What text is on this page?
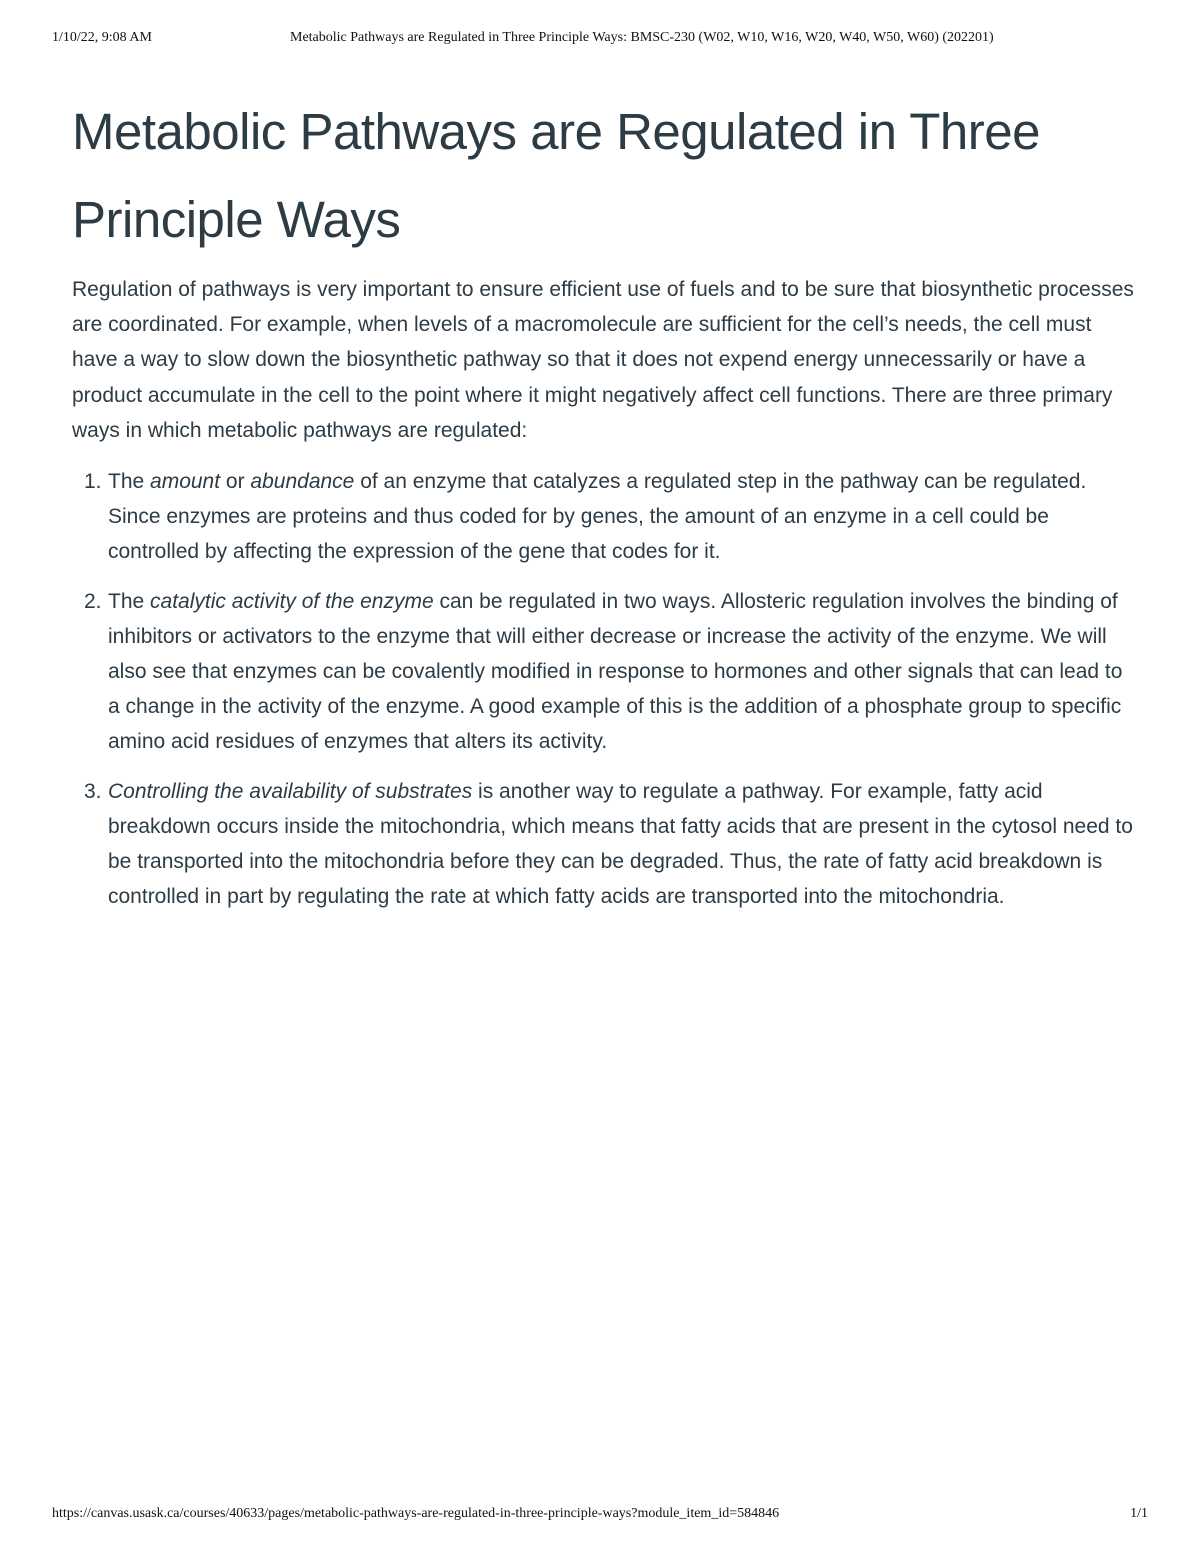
1/10/22, 9:08 AM	Metabolic Pathways are Regulated in Three Principle Ways: BMSC-230 (W02, W10, W16, W20, W40, W50, W60) (202201)
Metabolic Pathways are Regulated in Three Principle Ways

Regulation of pathways is very important to ensure efficient use of fuels and to be sure that biosynthetic processes are coordinated. For example, when levels of a macromolecule are sufficient for the cell’s needs, the cell must have a way to slow down the biosynthetic pathway so that it does not expend energy unnecessarily or have a product accumulate in the cell to the point where it might negatively affect cell functions. There are three primary ways in which metabolic pathways are regulated:

1. The amount or abundance of an enzyme that catalyzes a regulated step in the pathway can be regulated. Since enzymes are proteins and thus coded for by genes, the amount of an enzyme in a cell could be controlled by affecting the expression of the gene that codes for it.
2. The catalytic activity of the enzyme can be regulated in two ways. Allosteric regulation involves the binding of inhibitors or activators to the enzyme that will either decrease or increase the activity of the enzyme. We will also see that enzymes can be covalently modified in response to hormones and other signals that can lead to a change in the activity of the enzyme. A good example of this is the addition of a phosphate group to specific amino acid residues of enzymes that alters its activity.
3. Controlling the availability of substrates is another way to regulate a pathway. For example, fatty acid breakdown occurs inside the mitochondria, which means that fatty acids that are present in the cytosol need to be transported into the mitochondria before they can be degraded. Thus, the rate of fatty acid breakdown is controlled in part by regulating the rate at which fatty acids are transported into the mitochondria.
https://canvas.usask.ca/courses/40633/pages/metabolic-pathways-are-regulated-in-three-principle-ways?module_item_id=584846	1/1
